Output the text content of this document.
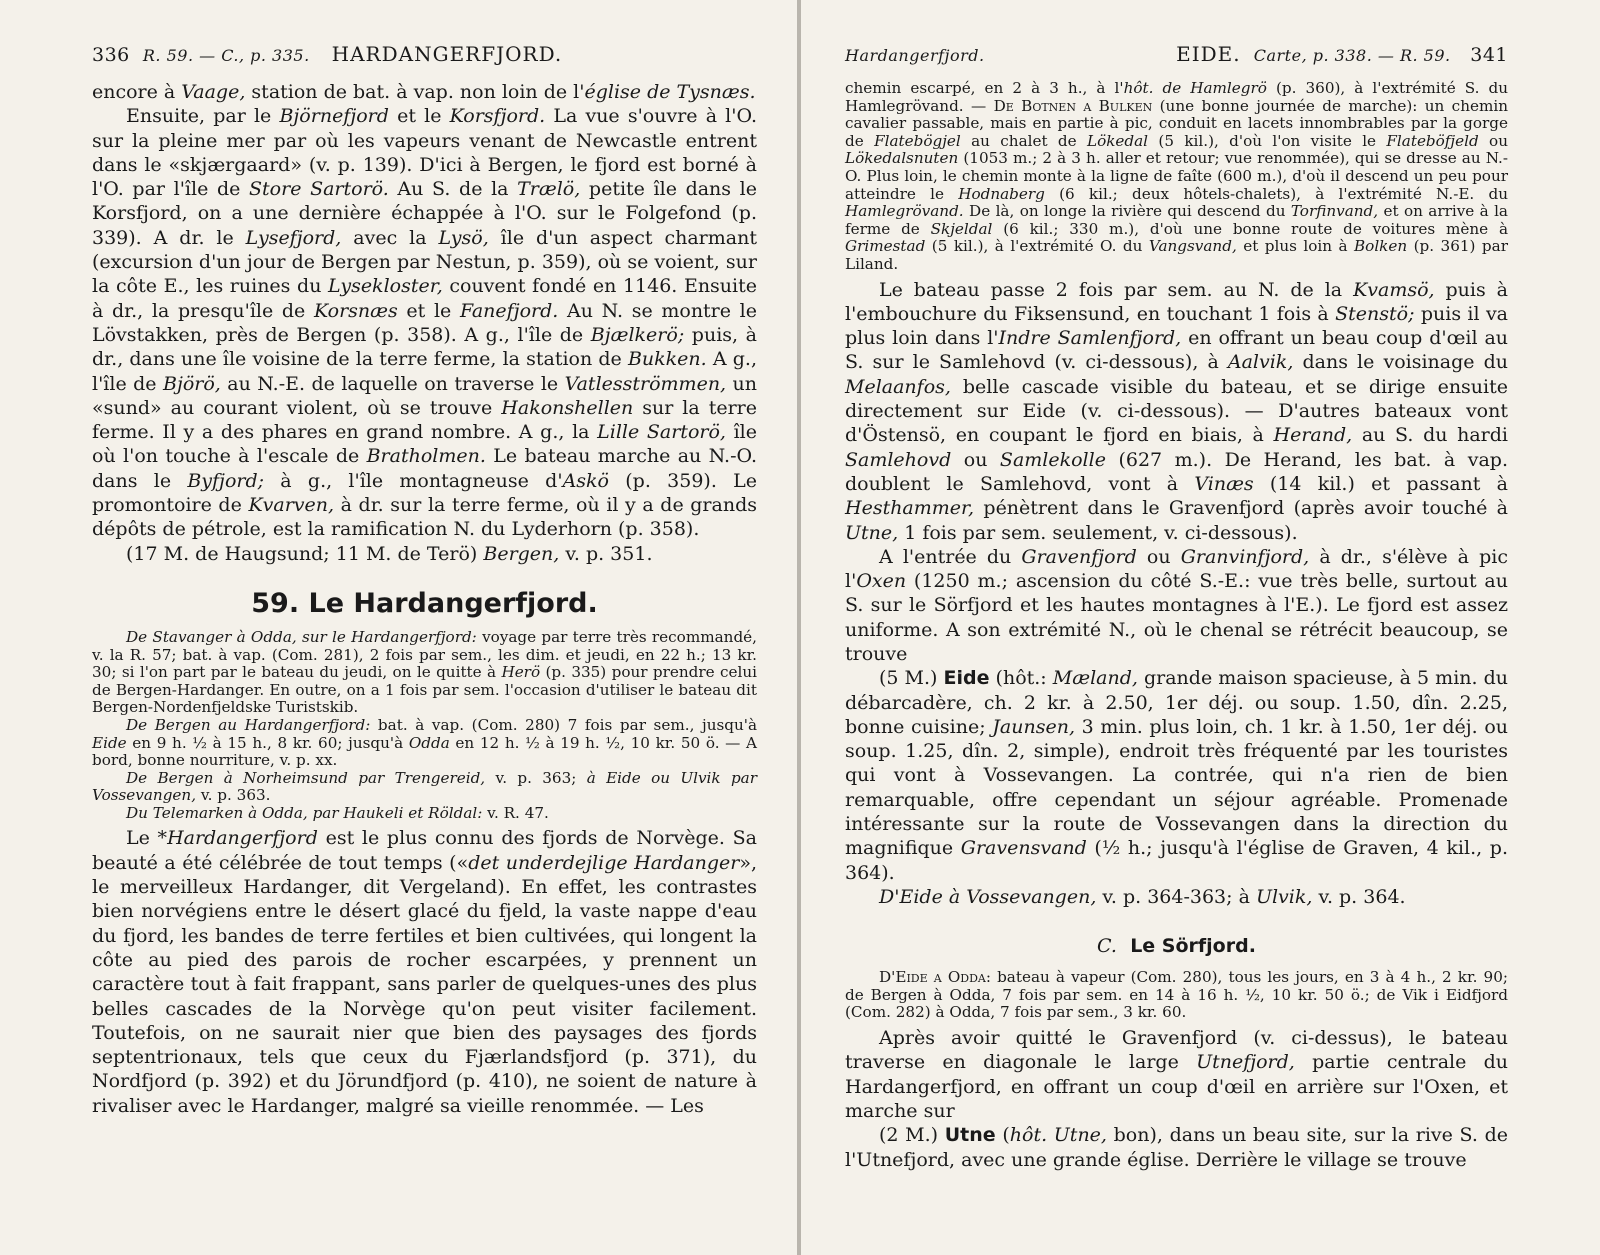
336 R. 59. — C., p. 335.	HARDANGERFJORD.

encore à Vaage, station de bat. à vap. non loin de l'église de Tysnæs.

Ensuite, par le Björnefjord et le Korsfjord. La vue s'ouvre à l'O. sur la pleine mer par où les vapeurs venant de Newcastle entrent dans le «skjærgaard» (v. p. 139). D'ici à Bergen, le fjord est borné à l'O. par l'île de Store Sartorö. Au S. de la Trælö, petite île dans le Korsfjord, on a une dernière échappée à l'O. sur le Folgefond (p. 339). A dr. le Lysefjord, avec la Lysö, île d'un aspect charmant (excursion d'un jour de Bergen par Nestun, p. 359), où se voient, sur la côte E., les ruines du Lysekloster, couvent fondé en 1146. Ensuite à dr., la presqu'île de Korsnæs et le Fanefjord. Au N. se montre le Lövstakken, près de Bergen (p. 358). A g., l'île de Bjælkerö; puis, à dr., dans une île voisine de la terre ferme, la station de Bukken. A g., l'île de Björö, au N.-E. de laquelle on traverse le Vatlesströmmen, un «sund» au courant violent, où se trouve Hakonshellen sur la terre ferme. Il y a des phares en grand nombre. A g., la Lille Sartorö, île où l'on touche à l'escale de Bratholmen. Le bateau marche au N.-O. dans le Byfjord; à g., l'île montagneuse d'Askö (p. 359). Le promontoire de Kvarven, à dr. sur la terre ferme, où il y a de grands dépôts de pétrole, est la ramification N. du Lyderhorn (p. 358).

(17 M. de Haugsund; 11 M. de Terö) Bergen, v. p. 351.

59. Le Hardangerfjord.

De Stavanger à Odda, sur le Hardangerfjord: voyage par terre très recommandé, v. la R. 57; bat. à vap. (Com. 281), 2 fois par sem., les dim. et jeudi, en 22 h.; 13 kr. 30; si l'on part par le bateau du jeudi, on le quitte à Herö (p. 335) pour prendre celui de Bergen-Hardanger. En outre, on a 1 fois par sem. l'occasion d'utiliser le bateau dit Bergen-Nordenfjeldske Turistskib.

De Bergen au Hardangerfjord: bat. à vap. (Com. 280) 7 fois par sem., jusqu'à Eide en 9 h. ½ à 15 h., 8 kr. 60; jusqu'à Odda en 12 h. ½ à 19 h. ½, 10 kr. 50 ö. — A bord, bonne nourriture, v. p. xx.

De Bergen à Norheimsund par Trengereid, v. p. 363; à Eide ou Ulvik par Vossevangen, v. p. 363.

Du Telemarken à Odda, par Haukeli et Röldal: v. R. 47.

Le *Hardangerfjord est le plus connu des fjords de Norvège. Sa beauté a été célébrée de tout temps («det underdejlige Hardanger», le merveilleux Hardanger, dit Vergeland). En effet, les contrastes bien norvégiens entre le désert glacé du fjeld, la vaste nappe d'eau du fjord, les bandes de terre fertiles et bien cultivées, qui longent la côte au pied des parois de rocher escarpées, y prennent un caractère tout à fait frappant, sans parler de quelques-unes des plus belles cascades de la Norvège qu'on peut visiter facilement. Toutefois, on ne saurait nier que bien des paysages des fjords septentrionaux, tels que ceux du Fjærlandsfjord (p. 371), du Nordfjord (p. 392) et du Jörundfjord (p. 410), ne soient de nature à rivaliser avec le Hardanger, malgré sa vieille renommée. — Les

Hardangerfjord.	EIDE. Carte, p. 338. — R. 59. 341

chemin escarpé, en 2 à 3 h., à l'hôt. de Hamlegrö (p. 360), à l'extrémité S. du Hamlegrövand. — De Botnen a Bulken (une bonne journée de marche): un chemin cavalier passable, mais en partie à pic, conduit en lacets innombrables par la gorge de Flatebögjel au chalet de Lökedal (5 kil.), d'où l'on visite le Flateböfjeld ou Lökedalsnuten (1053 m.; 2 à 3 h. aller et retour; vue renommée), qui se dresse au N.-O. Plus loin, le chemin monte à la ligne de faîte (600 m.), d'où il descend un peu pour atteindre le Hodnaberg (6 kil.; deux hôtels-chalets), à l'extrémité N.-E. du Hamlegrövand. De là, on longe la rivière qui descend du Torfinvand, et on arrive à la ferme de Skjeldal (6 kil.; 330 m.), d'où une bonne route de voitures mène à Grimestad (5 kil.), à l'extrémité O. du Vangsvand, et plus loin à Bolken (p. 361) par Liland.

Le bateau passe 2 fois par sem. au N. de la Kvamsö, puis à l'embouchure du Fiksensund, en touchant 1 fois à Stenstö; puis il va plus loin dans l'Indre Samlenfjord, en offrant un beau coup d'œil au S. sur le Samlehovd (v. ci-dessous), à Aalvik, dans le voisinage du Melaanfos, belle cascade visible du bateau, et se dirige ensuite directement sur Eide (v. ci-dessous). — D'autres bateaux vont d'Östensö, en coupant le fjord en biais, à Herand, au S. du hardi Samlehovd ou Samlekolle (627 m.). De Herand, les bat. à vap. doublent le Samlehovd, vont à Vinæs (14 kil.) et passant à Hesthammer, pénètrent dans le Gravenfjord (après avoir touché à Utne, 1 fois par sem. seulement, v. ci-dessous).

A l'entrée du Gravenfjord ou Granvinfjord, à dr., s'élève à pic l'Oxen (1250 m.; ascension du côté S.-E.: vue très belle, surtout au S. sur le Sörfjord et les hautes montagnes à l'E.). Le fjord est assez uniforme. A son extrémité N., où le chenal se rétrécit beaucoup, se trouve

(5 M.) Eide (hôt.: Mæland, grande maison spacieuse, à 5 min. du débarcadère, ch. 2 kr. à 2.50, 1er déj. ou soup. 1.50, dîn. 2.25, bonne cuisine; Jaunsen, 3 min. plus loin, ch. 1 kr. à 1.50, 1er déj. ou soup. 1.25, dîn. 2, simple), endroit très fréquenté par les touristes qui vont à Vossevangen. La contrée, qui n'a rien de bien remarquable, offre cependant un séjour agréable. Promenade intéressante sur la route de Vossevangen dans la direction du magnifique Gravensvand (½ h.; jusqu'à l'église de Graven, 4 kil., p. 364).

D'Eide à Vossevangen, v. p. 364-363; à Ulvik, v. p. 364.

C. Le Sörfjord.

D'Eide a Odda: bateau à vapeur (Com. 280), tous les jours, en 3 à 4 h., 2 kr. 90; de Bergen à Odda, 7 fois par sem. en 14 à 16 h. ½, 10 kr. 50 ö.; de Vik i Eidfjord (Com. 282) à Odda, 7 fois par sem., 3 kr. 60.

Après avoir quitté le Gravenfjord (v. ci-dessus), le bateau traverse en diagonale le large Utnefjord, partie centrale du Hardangerfjord, en offrant un coup d'œil en arrière sur l'Oxen, et marche sur

(2 M.) Utne (hôt. Utne, bon), dans un beau site, sur la rive S. de l'Utnefjord, avec une grande église. Derrière le village se trouve
